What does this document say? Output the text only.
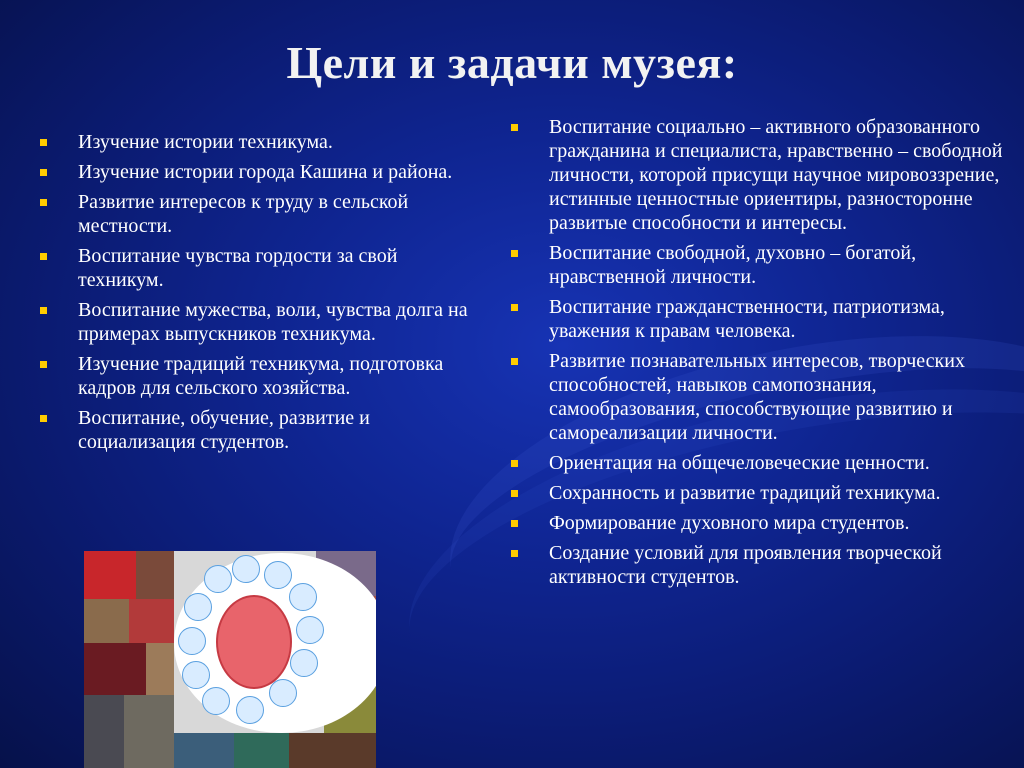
Цели и задачи музея:
Изучение истории техникума.
Изучение истории города Кашина и района.
Развитие интересов к труду в сельской местности.
Воспитание чувства гордости за свой техникум.
Воспитание мужества, воли, чувства долга на примерах выпускников техникума.
Изучение традиций техникума, подготовка кадров для сельского хозяйства.
Воспитание, обучение, развитие и социализация студентов.
Воспитание социально – активного образованного гражданина и специалиста, нравственно – свободной личности, которой присущи научное мировоззрение, истинные ценностные ориентиры, разносторонне развитые способности и интересы.
Воспитание свободной, духовно – богатой, нравственной личности.
Воспитание гражданственности, патриотизма, уважения к правам человека.
Развитие познавательных интересов, творческих способностей, навыков самопознания, самообразования, способствующие развитию и самореализации личности.
Ориентация на общечеловеческие ценности.
Сохранность и развитие традиций техникума.
Формирование духовного мира студентов.
Создание условий для проявления творческой активности студентов.
